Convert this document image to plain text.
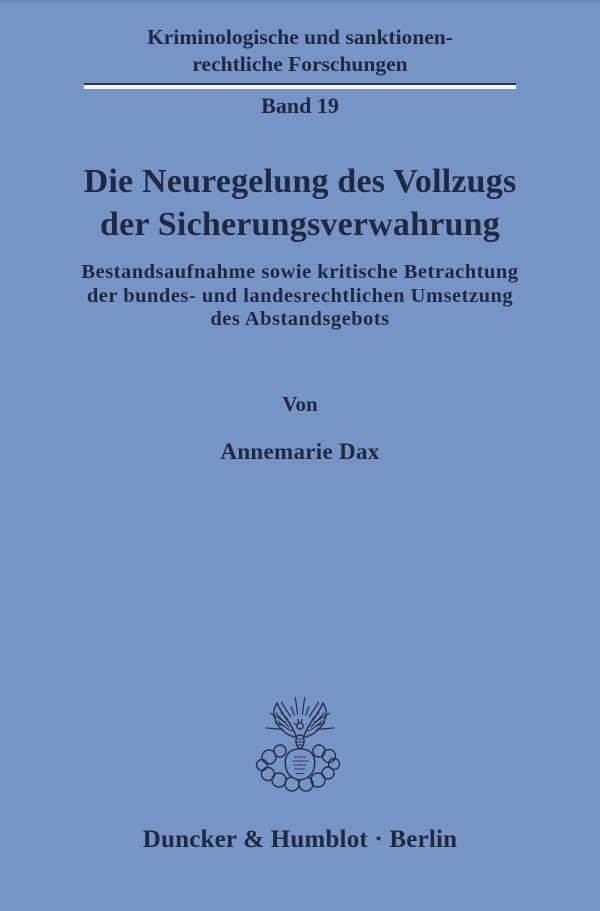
Kriminologische und sanktionen-
rechtliche Forschungen
Band 19
Die Neuregelung des Vollzugs
der Sicherungsverwahrung
Bestandsaufnahme sowie kritische Betrachtung
der bundes- und landesrechtlichen Umsetzung
des Abstandsgebots
Von
Annemarie Dax
Duncker & Humblot · Berlin
